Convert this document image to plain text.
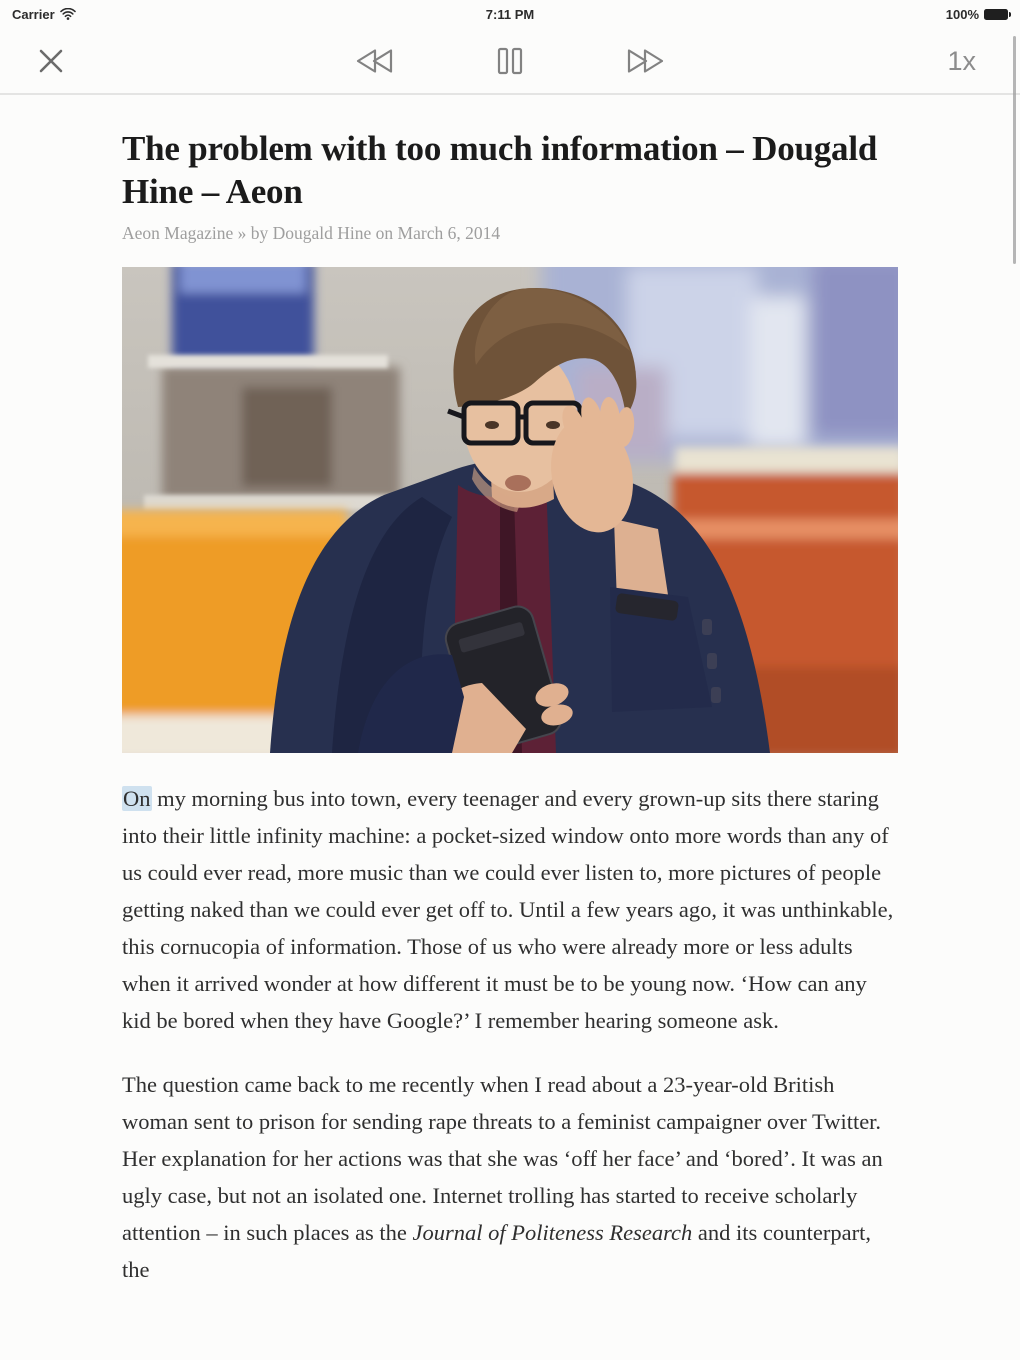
Carrier	7:11 PM	100%
1x
The problem with too much information – Dougald Hine – Aeon

Aeon Magazine » by Dougald Hine on March 6, 2014

On my morning bus into town, every teenager and every grown-up sits there staring into their little infinity machine: a pocket-sized window onto more words than any of us could ever read, more music than we could ever listen to, more pictures of people getting naked than we could ever get off to. Until a few years ago, it was unthinkable, this cornucopia of information. Those of us who were already more or less adults when it arrived wonder at how different it must be to be young now. ‘How can any kid be bored when they have Google?’ I remember hearing someone ask.

The question came back to me recently when I read about a 23-year-old British woman sent to prison for sending rape threats to a feminist campaigner over Twitter. Her explanation for her actions was that she was ‘off her face’ and ‘bored’. It was an ugly case, but not an isolated one. Internet trolling has started to receive scholarly attention – in such places as the Journal of Politeness Research and its counterpart, the
